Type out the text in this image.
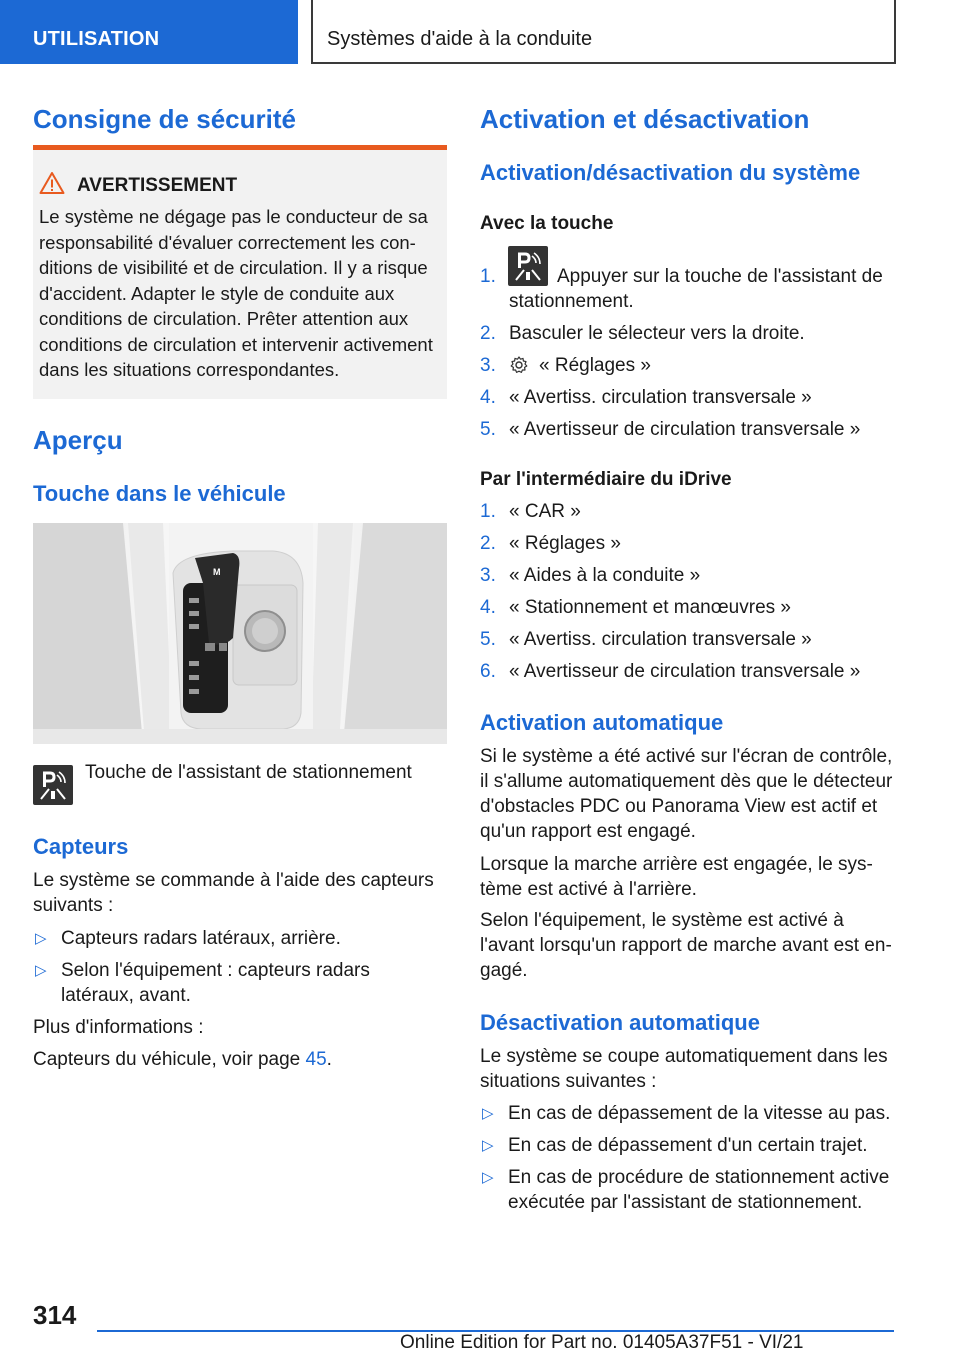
UTILISATION	Systèmes d'aide à la conduite
Consigne de sécurité
AVERTISSEMENT
Le système ne dégage pas le conducteur de sa responsabilité d'évaluer correctement les conditions de visibilité et de circulation. Il y a risque d'accident. Adapter le style de conduite aux conditions de circulation. Prêter attention aux conditions de circulation et intervenir activement dans les situations correspondantes.
Aperçu
Touche dans le véhicule
M
Touche de l'assistant de stationnement
Capteurs
Le système se commande à l'aide des capteurs suivants :
▷ Capteurs radars latéraux, arrière.
▷ Selon l'équipement : capteurs radars latéraux, avant.
Plus d'informations :
Capteurs du véhicule, voir page 45.
Activation et désactivation
Activation/désactivation du système
Avec la touche
1.	Appuyer sur la touche de l'assistant de stationnement.
2. Basculer le sélecteur vers la droite.
3. « Réglages »
4. « Avertiss. circulation transversale »
5. « Avertisseur de circulation transversale »
Par l'intermédiaire du iDrive
1. « CAR »
2. « Réglages »
3. « Aides à la conduite »
4. « Stationnement et manœuvres »
5. « Avertiss. circulation transversale »
6. « Avertisseur de circulation transversale »
Activation automatique
Si le système a été activé sur l'écran de contrôle, il s'allume automatiquement dès que le détecteur d'obstacles PDC ou Panorama View est actif et qu'un rapport est engagé.
Lorsque la marche arrière est engagée, le système est activé à l'arrière.
Selon l'équipement, le système est activé à l'avant lorsqu'un rapport de marche avant est engagé.
Désactivation automatique
Le système se coupe automatiquement dans les situations suivantes :
▷ En cas de dépassement de la vitesse au pas.
▷ En cas de dépassement d'un certain trajet.
▷ En cas de procédure de stationnement active exécutée par l'assistant de stationnement.
314
Online Edition for Part no. 01405A37F51 - VI/21
